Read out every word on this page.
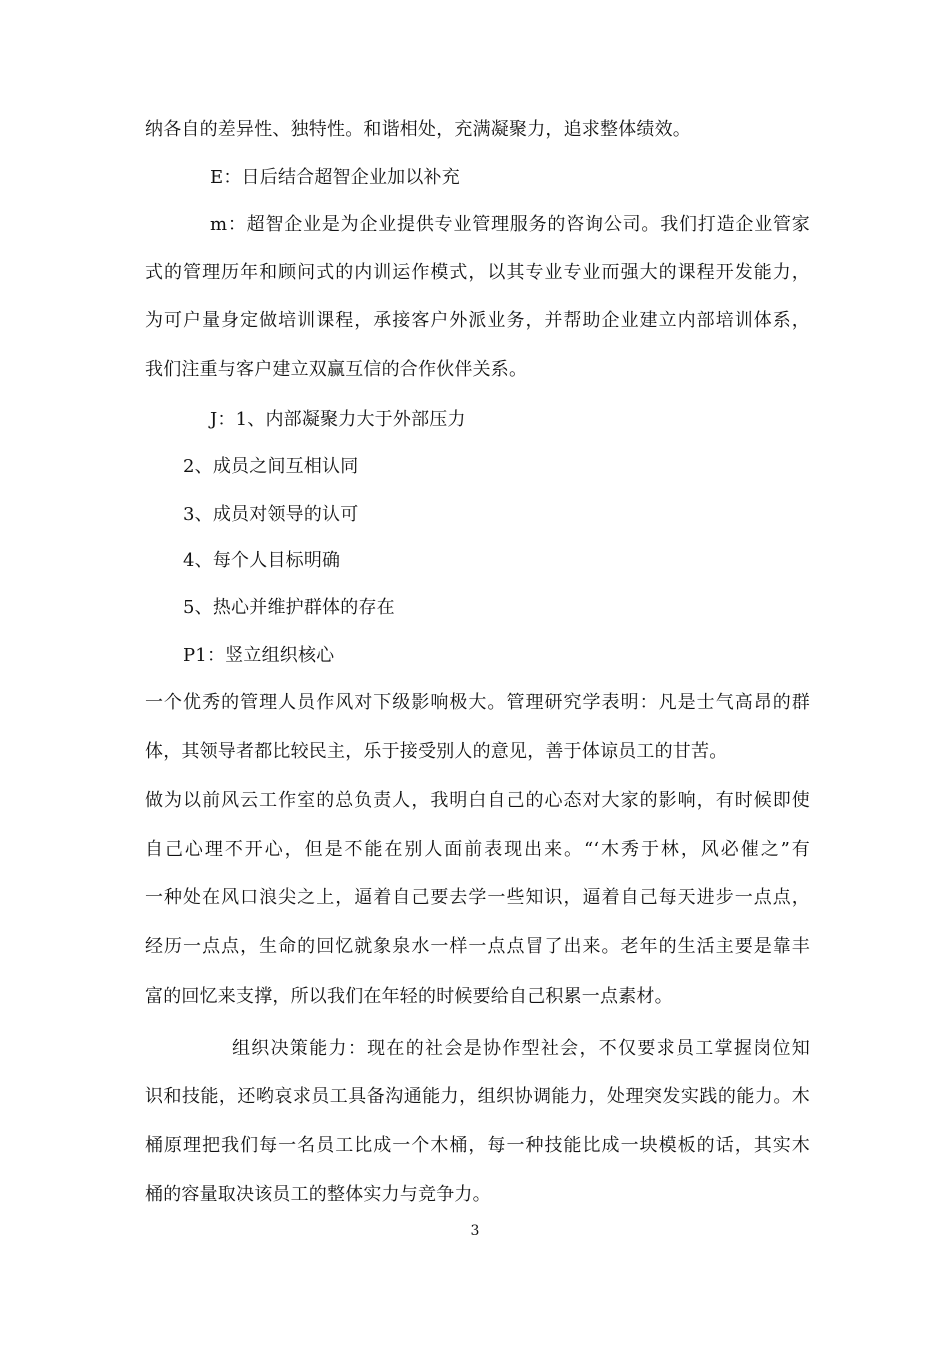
纳各自的差异性、独特性。和谐相处，充满凝聚力，追求整体绩效。
E：日后结合超智企业加以补充
m：超智企业是为企业提供专业管理服务的咨询公司。我们打造企业管家
式的管理历年和顾问式的内训运作模式，以其专业专业而强大的课程开发能力，
为可户量身定做培训课程，承接客户外派业务，并帮助企业建立内部培训体系，
我们注重与客户建立双赢互信的合作伙伴关系。
J：1、内部凝聚力大于外部压力
2、成员之间互相认同
3、成员对领导的认可
4、每个人目标明确
5、热心并维护群体的存在
P1：竖立组织核心
一个优秀的管理人员作风对下级影响极大。管理研究学表明：凡是士气高昂的群
体，其领导者都比较民主，乐于接受别人的意见，善于体谅员工的甘苦。
做为以前风云工作室的总负责人，我明白自己的心态对大家的影响，有时候即使
自己心理不开心，但是不能在别人面前表现出来。“‘木秀于林，风必催之”有
一种处在风口浪尖之上，逼着自己要去学一些知识，逼着自己每天进步一点点，
经历一点点，生命的回忆就象泉水一样一点点冒了出来。老年的生活主要是靠丰
富的回忆来支撑，所以我们在年轻的时候要给自己积累一点素材。
组织决策能力：现在的社会是协作型社会，不仅要求员工掌握岗位知
识和技能，还哟哀求员工具备沟通能力，组织协调能力，处理突发实践的能力。木
桶原理把我们每一名员工比成一个木桶，每一种技能比成一块模板的话，其实木
桶的容量取决该员工的整体实力与竞争力。
3
